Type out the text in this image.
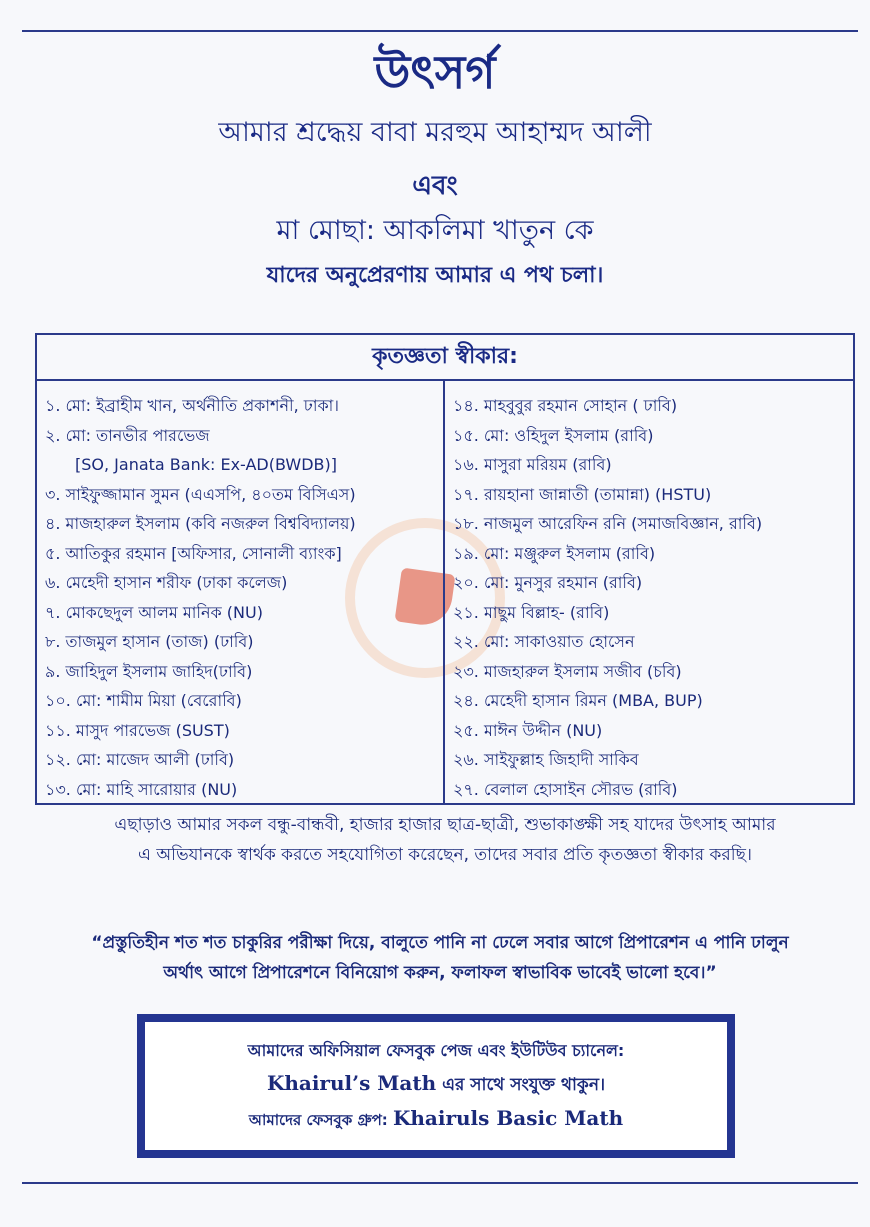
উৎসর্গ
আমার শ্রদ্ধেয় বাবা মরহুম আহাম্মদ আলী
এবং
মা মোছা: আকলিমা খাতুন কে
যাদের অনুপ্রেরণায় আমার এ পথ চলা।
কৃতজ্ঞতা স্বীকার:
১. মো: ইব্রাহীম খান, অর্থনীতি প্রকাশনী, ঢাকা।
২. মো: তানভীর পারভেজ
[SO, Janata Bank: Ex-AD(BWDB)]
৩. সাইফুজ্জামান সুমন (এএসপি, ৪০তম বিসিএস)
৪. মাজহারুল ইসলাম (কবি নজরুল বিশ্ববিদ্যালয়)
৫. আতিকুর রহমান [অফিসার, সোনালী ব্যাংক]
৬. মেহেদী হাসান শরীফ (ঢাকা কলেজ)
৭. মোকছেদুল আলম মানিক (NU)
৮. তাজমুল হাসান (তাজ) (ঢাবি)
৯. জাহিদুল ইসলাম জাহিদ(ঢাবি)
১০. মো: শামীম মিয়া (বেরোবি)
১১. মাসুদ পারভেজ (SUST)
১২. মো: মাজেদ আলী (ঢাবি)
১৩. মো: মাহি সারোয়ার (NU)
১৪. মাহবুবুর রহমান সোহান ( ঢাবি)
১৫. মো: ওহিদুল ইসলাম (রাবি)
১৬. মাসুরা মরিয়ম (রাবি)
১৭. রায়হানা জান্নাতী (তামান্না) (HSTU)
১৮. নাজমুল আরেফিন রনি (সমাজবিজ্ঞান, রাবি)
১৯. মো: মঞ্জুরুল ইসলাম (রাবি)
২০. মো: মুনসুর রহমান (রাবি)
২১. মাছুম বিল্লাহ- (রাবি)
২২. মো: সাকাওয়াত হোসেন
২৩. মাজহারুল ইসলাম সজীব (চবি)
২৪. মেহেদী হাসান রিমন (MBA, BUP)
২৫. মাঈন উদ্দীন (NU)
২৬. সাইফুল্লাহ জিহাদী সাকিব
২৭. বেলাল হোসাইন সৌরভ (রাবি)
এছাড়াও আমার সকল বন্ধু-বান্ধবী, হাজার হাজার ছাত্র-ছাত্রী, শুভাকাঙ্ক্ষী সহ যাদের উৎসাহ আমার
এ অভিযানকে স্বার্থক করতে সহযোগিতা করেছেন, তাদের সবার প্রতি কৃতজ্ঞতা স্বীকার করছি।
“প্রস্তুতিহীন শত শত চাকুরির পরীক্ষা দিয়ে, বালুতে পানি না ঢেলে সবার আগে প্রিপারেশন এ পানি ঢালুন
অর্থাৎ আগে প্রিপারেশনে বিনিয়োগ করুন, ফলাফল স্বাভাবিক ভাবেই ভালো হবে।”
আমাদের অফিসিয়াল ফেসবুক পেজ এবং ইউটিউব চ্যানেল:
Khairul’s Math এর সাথে সংযুক্ত থাকুন।
আমাদের ফেসবুক গ্রুপ: Khairuls Basic Math
